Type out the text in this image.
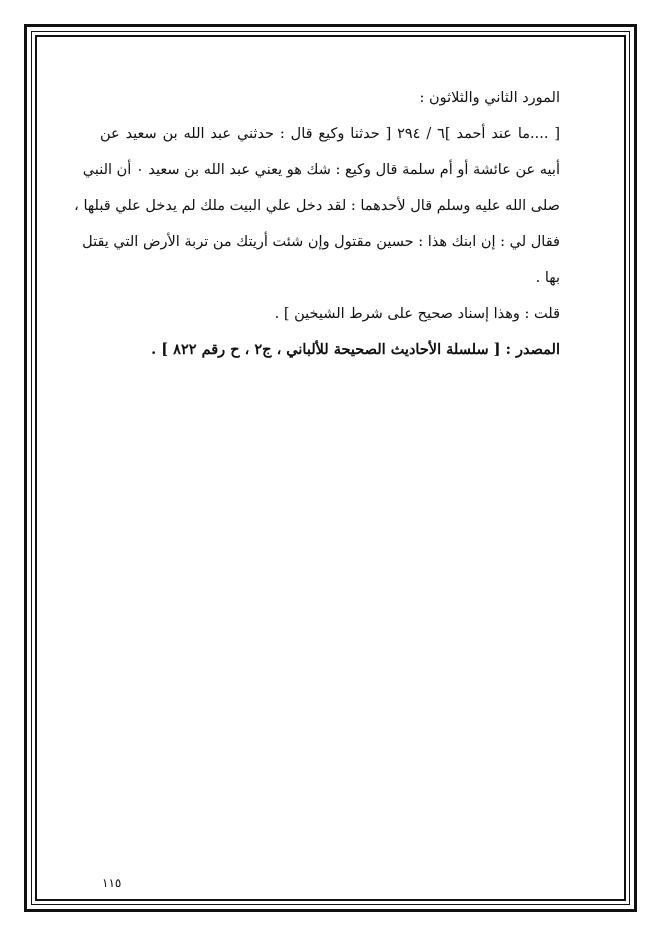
المورد الثاني والثلاثون :

[ ....ما عند أحمد ]٦ / ٢٩٤ [ حدثنا وكيع قال : حدثني عبد الله بن سعيد عن

أبيه عن عائشة أو أم سلمة قال وكيع : شك هو يعني عبد الله بن سعيد ٠ أن النبي

صلى الله عليه وسلم قال لأحدهما : لقد دخل علي البيت ملك لم يدخل علي قبلها ،

فقال لي : إن ابنك هذا : حسين مقتول وإن شئت أريتك من تربة الأرض التي يقتل

بها .

قلت : وهذا إسناد صحيح على شرط الشيخين ] .

المصدر : [ سلسلة الأحاديث الصحيحة للألباني ، ج٢ ، ح رقم ٨٢٢ ] .

١١٥
